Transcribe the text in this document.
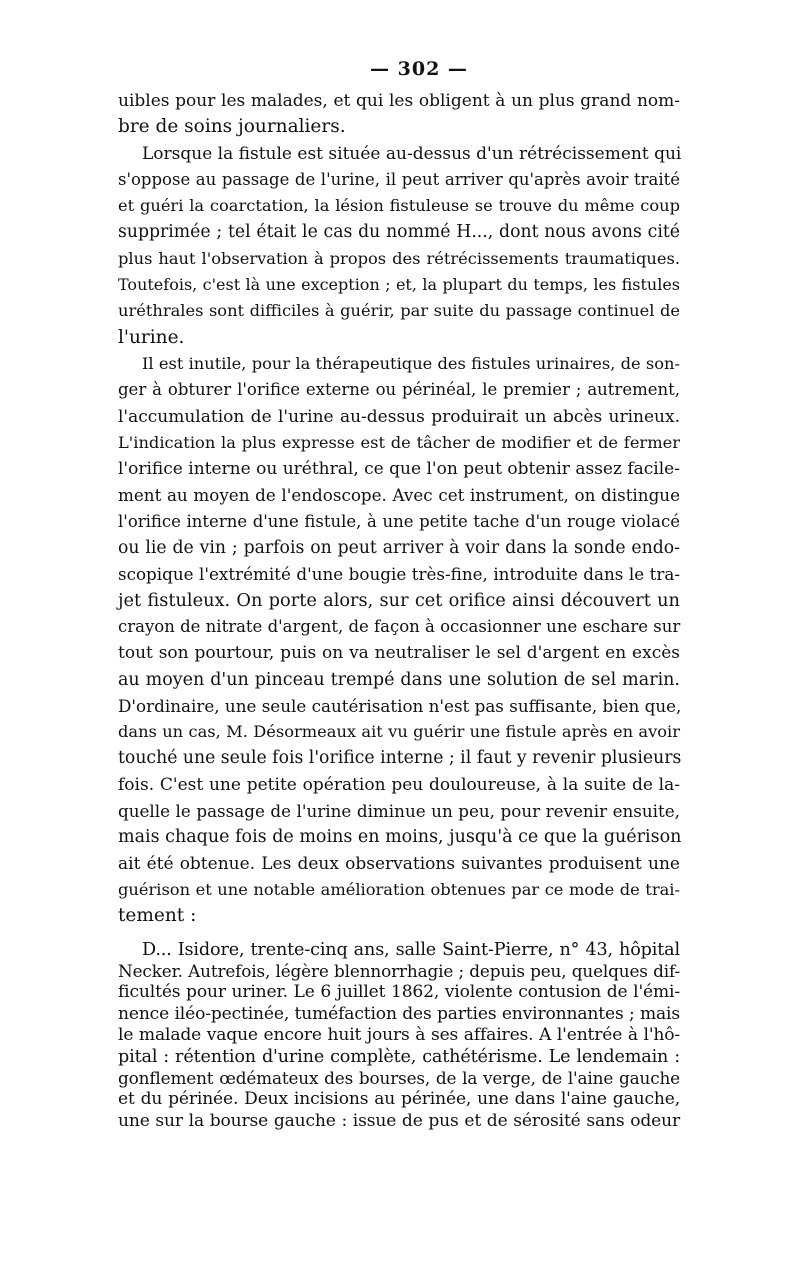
— 302 —
uibles pour les malades, et qui les obligent à un plus grand nom-
bre de soins journaliers.
Lorsque la fistule est située au-dessus d'un rétrécissement qui
s'oppose au passage de l'urine, il peut arriver qu'après avoir traité
et guéri la coarctation, la lésion fistuleuse se trouve du même coup
supprimée ; tel était le cas du nommé H..., dont nous avons cité
plus haut l'observation à propos des rétrécissements traumatiques.
Toutefois, c'est là une exception ; et, la plupart du temps, les fistules
uréthrales sont difficiles à guérir, par suite du passage continuel de
l'urine.
Il est inutile, pour la thérapeutique des fistules urinaires, de son-
ger à obturer l'orifice externe ou périnéal, le premier ; autrement,
l'accumulation de l'urine au-dessus produirait un abcès urineux.
L'indication la plus expresse est de tâcher de modifier et de fermer
l'orifice interne ou uréthral, ce que l'on peut obtenir assez facile-
ment au moyen de l'endoscope. Avec cet instrument, on distingue
l'orifice interne d'une fistule, à une petite tache d'un rouge violacé
ou lie de vin ; parfois on peut arriver à voir dans la sonde endo-
scopique l'extrémité d'une bougie très-fine, introduite dans le tra-
jet fistuleux. On porte alors, sur cet orifice ainsi découvert un
crayon de nitrate d'argent, de façon à occasionner une eschare sur
tout son pourtour, puis on va neutraliser le sel d'argent en excès
au moyen d'un pinceau trempé dans une solution de sel marin.
D'ordinaire, une seule cautérisation n'est pas suffisante, bien que,
dans un cas, M. Désormeaux ait vu guérir une fistule après en avoir
touché une seule fois l'orifice interne ; il faut y revenir plusieurs
fois. C'est une petite opération peu douloureuse, à la suite de la-
quelle le passage de l'urine diminue un peu, pour revenir ensuite,
mais chaque fois de moins en moins, jusqu'à ce que la guérison
ait été obtenue. Les deux observations suivantes produisent une
guérison et une notable amélioration obtenues par ce mode de trai-
tement :
D... Isidore, trente-cinq ans, salle Saint-Pierre, n° 43, hôpital
Necker. Autrefois, légère blennorrhagie ; depuis peu, quelques dif-
ficultés pour uriner. Le 6 juillet 1862, violente contusion de l'émi-
nence iléo-pectinée, tuméfaction des parties environnantes ; mais
le malade vaque encore huit jours à ses affaires. A l'entrée à l'hô-
pital : rétention d'urine complète, cathétérisme. Le lendemain :
gonflement œdémateux des bourses, de la verge, de l'aine gauche
et du périnée. Deux incisions au périnée, une dans l'aine gauche,
une sur la bourse gauche : issue de pus et de sérosité sans odeur
